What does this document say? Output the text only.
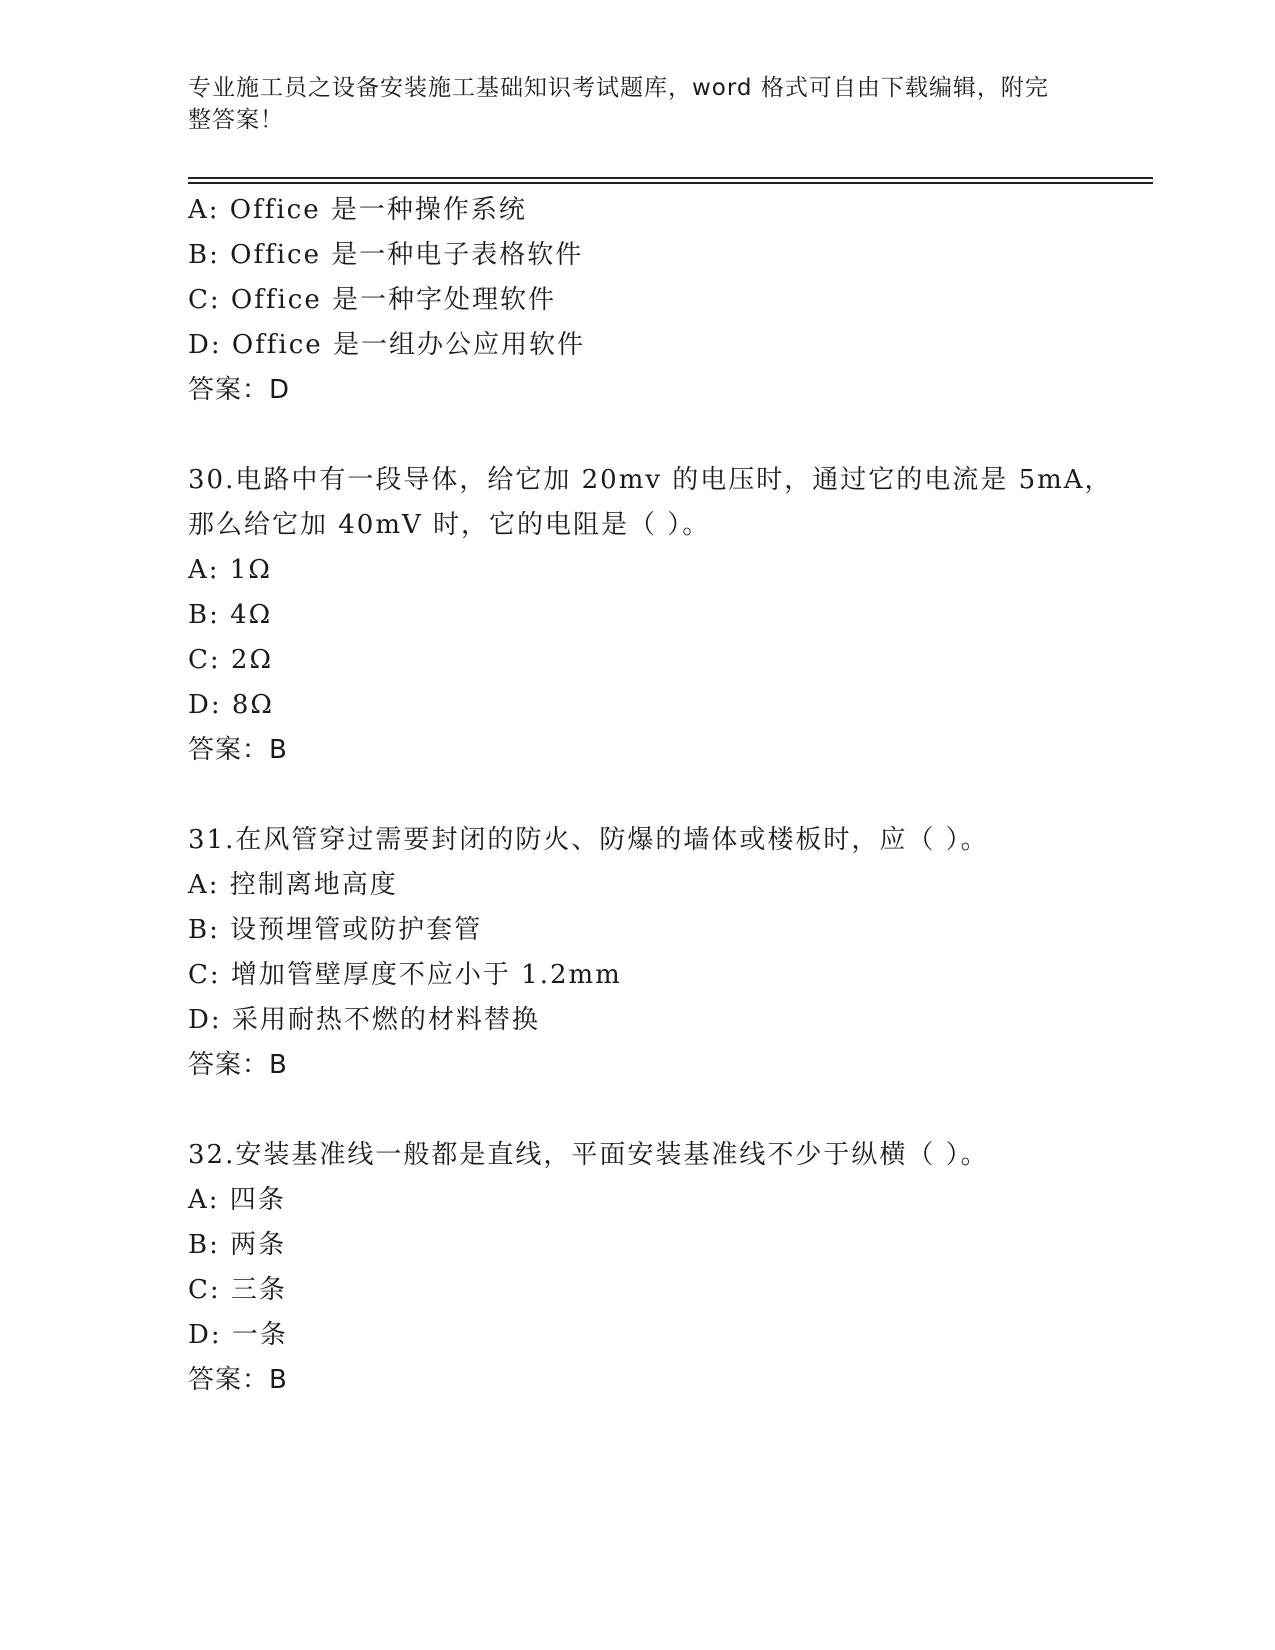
专业施工员之设备安装施工基础知识考试题库，word 格式可自由下载编辑，附完
整答案！
A: Office 是一种操作系统
B: Office 是一种电子表格软件
C: Office 是一种字处理软件
D: Office 是一组办公应用软件
答案：D
30.电路中有一段导体，给它加 20mv 的电压时，通过它的电流是 5mA，
那么给它加 40mV 时，它的电阻是（ ）。
A: 1Ω
B: 4Ω
C: 2Ω
D: 8Ω
答案：B
31.在风管穿过需要封闭的防火、防爆的墙体或楼板时，应（ ）。
A: 控制离地高度
B: 设预埋管或防护套管
C: 增加管壁厚度不应小于 1.2mm
D: 采用耐热不燃的材料替换
答案：B
32.安装基准线一般都是直线，平面安装基准线不少于纵横（ ）。
A: 四条
B: 两条
C: 三条
D: 一条
答案：B
